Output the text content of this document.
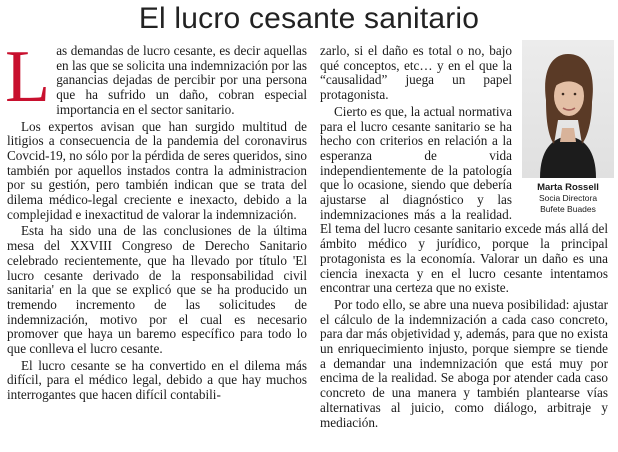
El lucro cesante sanitario

Las demandas de lucro cesante, es decir aquellas en las que se solicita una indemnización por las ganancias dejadas de percibir por una persona que ha sufrido un daño, cobran especial importancia en el sector sanitario.

Los expertos avisan que han surgido multitud de litigios a consecuencia de la pandemia del coronavirus Covcid-19, no sólo por la pérdida de seres queridos, sino también por aquellos instados contra la administracion por su gestión, pero también indican que se trata del dilema médico-legal creciente e inexacto, debido a la complejidad e inexactitud de valorar la indemnización.

Esta ha sido una de las conclusiones de la última mesa del XXVIII Congreso de Derecho Sanitario celebrado recientemente, que ha llevado por título 'El lucro cesante derivado de la responsabilidad civil sanitaria' en la que se explicó que se ha producido un tremendo incremento de las solicitudes de indemnización, motivo por el cual es necesario promover que haya un baremo específico para todo lo que conlleva el lucro cesante.

El lucro cesante se ha convertido en el dilema más difícil, para el médico legal, debido a que hay muchos interrogantes que hacen difícil contabili-

Marta Rossell
Socia Directora
Bufete Buades

zarlo, si el daño es total o no, bajo qué conceptos, etc… y en el que la “causalidad” juega un papel protagonista.

Cierto es que, la actual normativa para el lucro cesante sanitario se ha hecho con criterios en relación a la esperanza de vida independientemente de la patología que lo ocasione, siendo que debería ajustarse al diagnóstico y las indemnizaciones más a la realidad. El tema del lucro cesante sanitario excede más allá del ámbito médico y jurídico, porque la principal protagonista es la economía. Valorar un daño es una ciencia inexacta y en el lucro cesante intentamos encontrar una certeza que no existe.

Por todo ello, se abre una nueva posibilidad: ajustar el cálculo de la indemnización a cada caso concreto, para dar más objetividad y, además, para que no exista un enriquecimiento injusto, porque siempre se tiende a demandar una indemnización que está muy por encima de la realidad. Se aboga por atender cada caso concreto de una manera y también plantearse vías alternativas al juicio, como diálogo, arbitraje y mediación.
